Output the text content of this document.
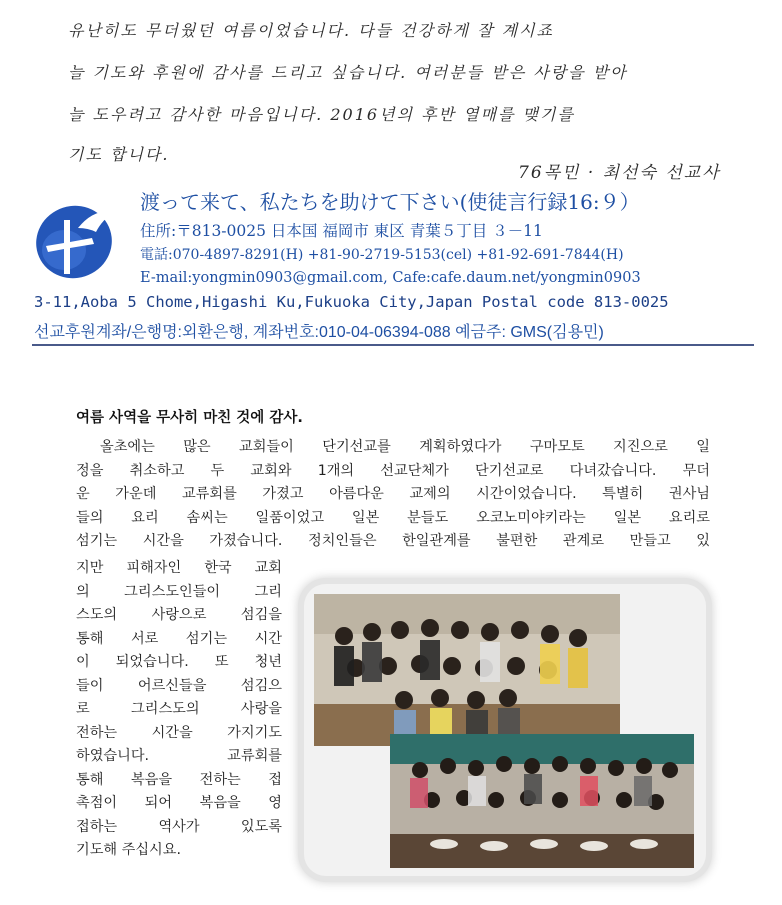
유난히도 무더웠던 여름이었습니다. 다들 건강하게 잘 계시죠
늘 기도와 후원에 감사를 드리고 싶습니다. 여러분들 받은 사랑을 받아
늘 도우려고 감사한 마음입니다. 2016년의 후반 열매를 맺기를
기도 합니다.
76목민 · 최선숙 선교사
渡って来て、私たちを助けて下さい(使徒言行録16:９）
住所:〒813-0025 日本国 福岡市 東区 青葉５丁目 ３－11
電話:070-4897-8291(H) +81-90-2719-5153(cel) +81-92-691-7844(H)
E-mail:yongmin0903@gmail.com, Cafe:cafe.daum.net/yongmin0903
3-11,Aoba 5 Chome,Higashi Ku,Fukuoka City,Japan Postal code 813-0025
선교후원계좌/은행명:외환은행, 계좌번호:010-04-06394-088 예금주: GMS(김용민)
여름 사역을 무사히 마친 것에 감사.
올초에는 많은 교회들이 단기선교를 계획하였다가 구마모토 지진으로 일
정을 취소하고 두 교회와 1개의 선교단체가 단기선교로 다녀갔습니다. 무더
운 가운데 교류회를 가졌고 아름다운 교제의 시간이었습니다. 특별히 권사님
들의 요리 솜씨는 일품이었고 일본 분들도 오코노미야키라는 일본 요리로
섬기는 시간을 가졌습니다. 정치인들은 한일관계를 불편한 관계로 만들고 있
지만 피해자인 한국 교회
의 그리스도인들이 그리
스도의 사랑으로 섬김을
통해 서로 섬기는 시간
이 되었습니다. 또 청년
들이 어르신들을 섬김으
로 그리스도의 사랑을
전하는 시간을 가지기도
하였습니다. 교류회를
통해 복음을 전하는 접
촉점이 되어 복음을 영
접하는 역사가 있도록
기도해 주십시요.
